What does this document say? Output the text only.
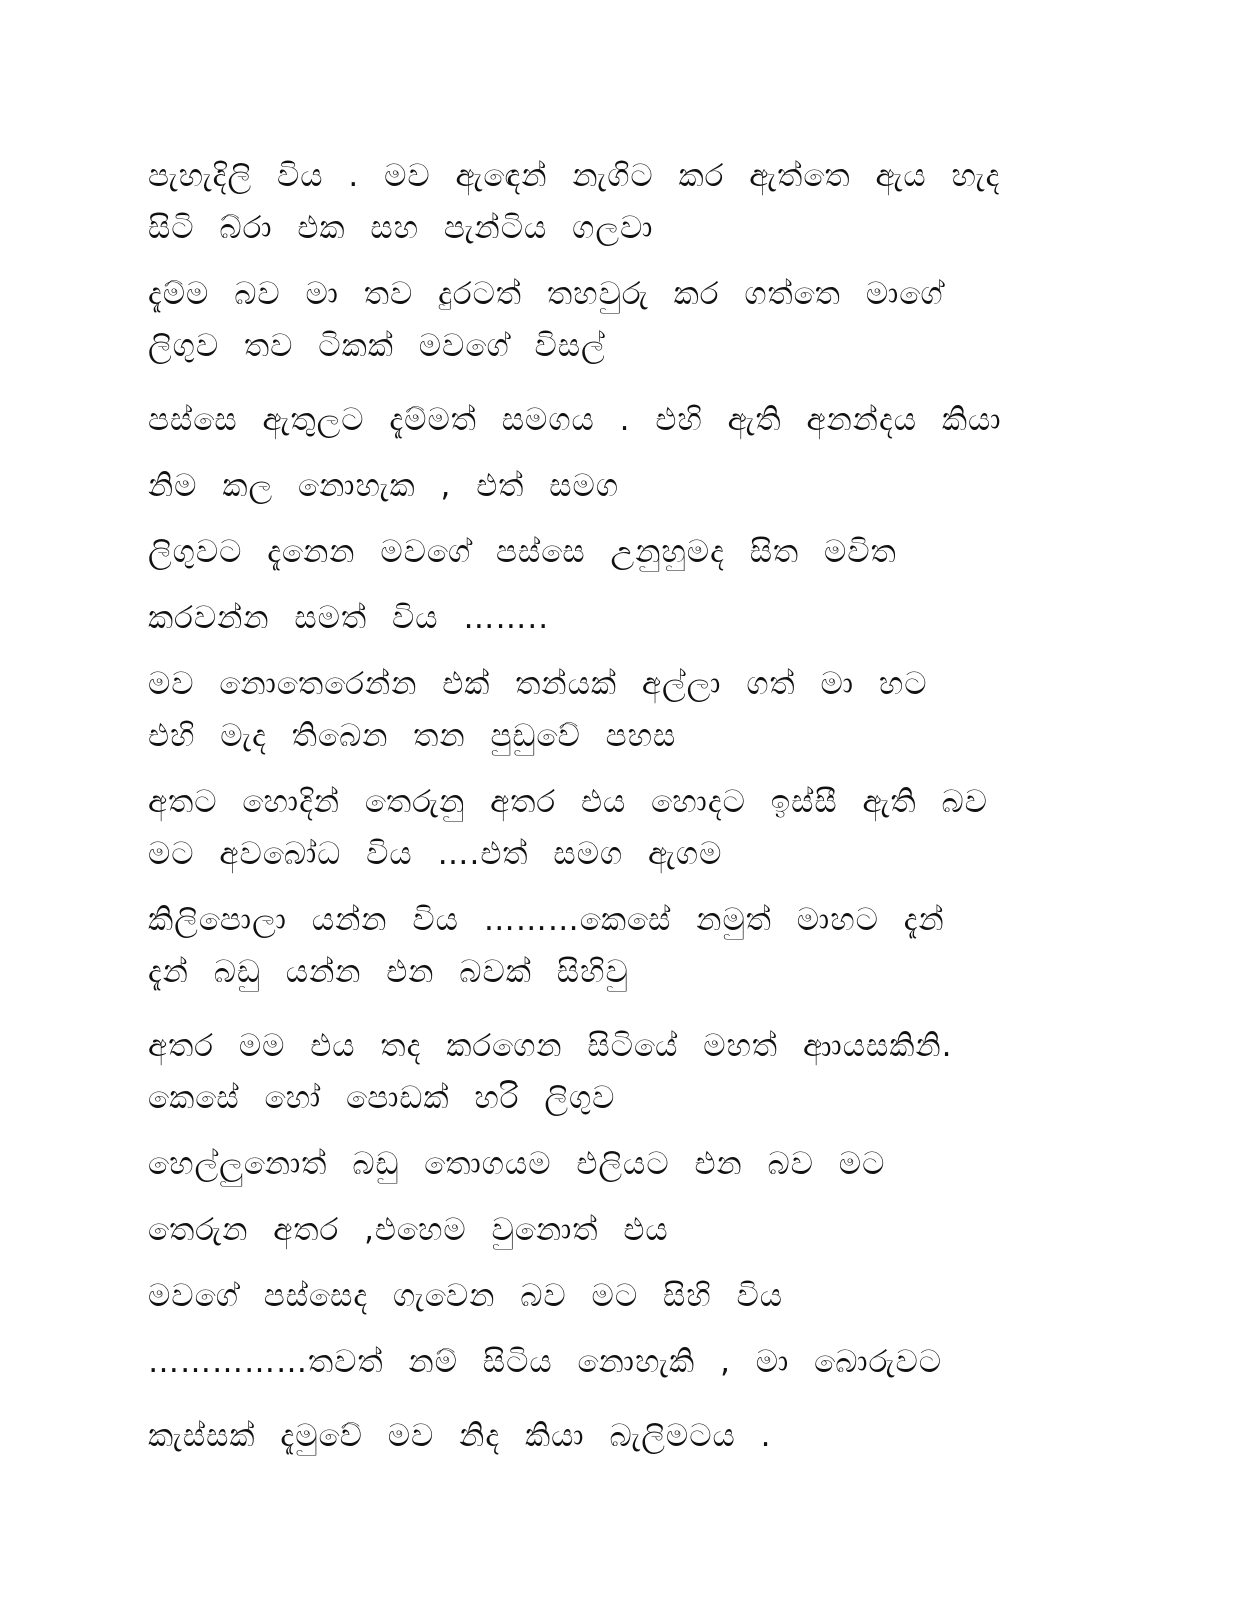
පැහැදිලි විය . මව ඇඳෙන් නැගිට කර ඇත්තෙ ඇය හැද
සිටි බ්රා එක සහ පැන්ටිය ගලවා
දැම්ම බව මා තව දුරටත් තහවුරු කර ගත්තෙ මාගේ
ලිගුව තව ටිකක් මවගේ විසල්
පස්සෙ ඇතුලට දැම්මත් සමගය . එහි ඇති අනන්දය කියා
නිම කල නොහැක , එත් සමග
ලිගුවට දැනෙන මවගේ පස්සෙ උනුහුමද සිත මවිත
කරවන්න සමත් විය ……..
මව නොතෙරෙන්න එක් තන්යක් අල්ලා ගත් මා හට
එහි මැද තිබෙන තන පුඩුවේ පහස
අතට හොදින් තෙරුනු අතර එය හොදට ඉස්සී ඇති බව
මට අවබෝධ විය ….එත් සමග ඇගම
කිලිපොලා යන්න විය ………කෙසේ නමුත් මාහට දැන්
දැන් බඩු යන්න එන බවක් සිහිවු
අතර මම එය තද කරගෙන සිටියේ මහත් ආායසකිනි.
කෙසේ හෝ පොඩක් හරි ලිගුව
හෙල්ලුනොත් බඩු තොගයම එලියට එන බව මට
තෙරුන අතර ,එහෙම වුනොත් එය
මවගේ පස්සෙද ගැවෙන බව මට සිහි විය
……………තවත් නම් සිටිය නොහැකි , මා බොරුවට
කැස්සක් දැමුවේ මව නිද කියා බැලිමටය .
